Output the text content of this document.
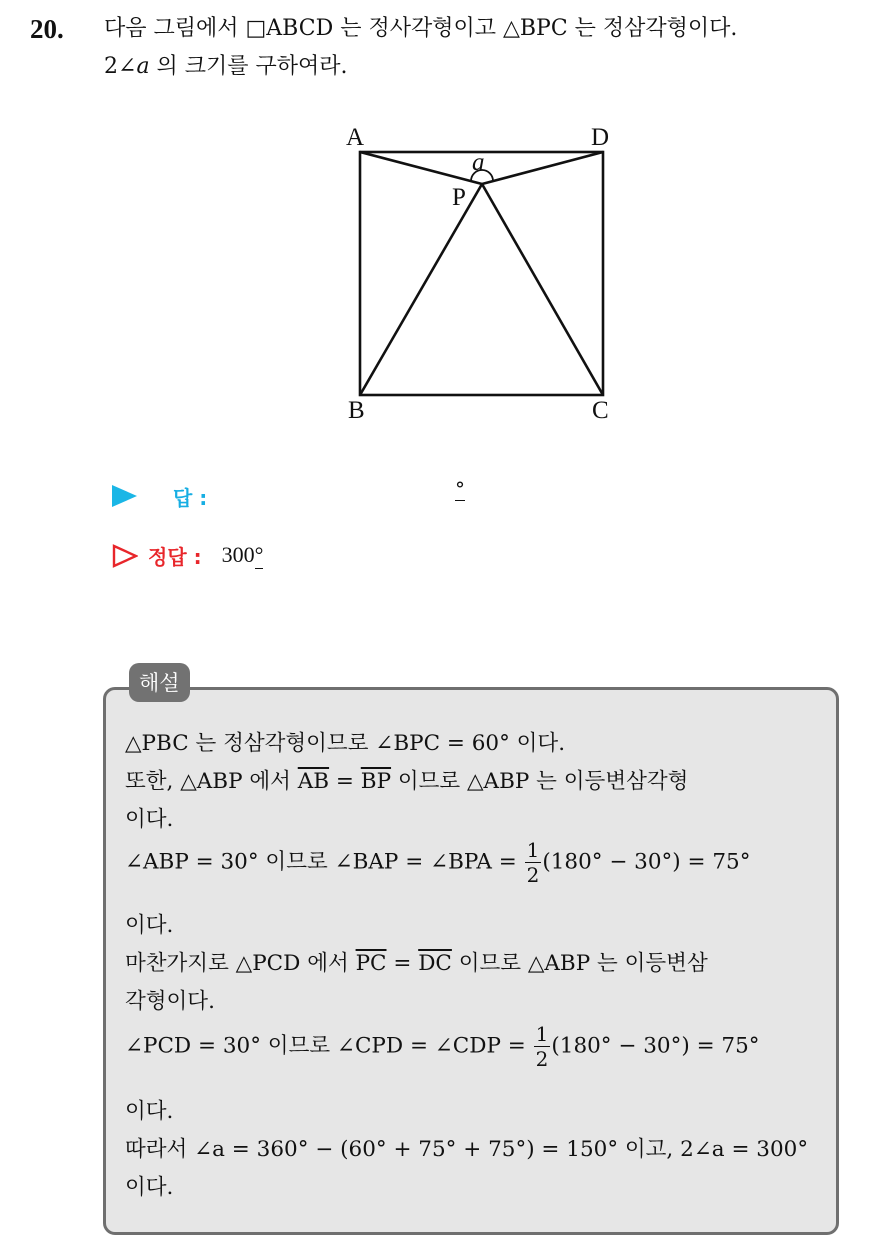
20. 다음 그림에서 □ABCD 는 정사각형이고 △BPC 는 정삼각형이다.
2∠a 의 크기를 구하여라.
A	D
B	C
P
a
답 :	°
정답 : 300°
해설
△PBC 는 정삼각형이므로 ∠BPC = 60° 이다.
또한, △ABP 에서 $\overline{AB} = \overline{BP}$ 이므로 △ABP 는 이등변삼각형
이다.
∠ABP = 30° 이므로 ∠BAP = ∠BPA = $\frac{1}{2} (180^\circ - 30^\circ) = 75^\circ$
이다.
마찬가지로 △PCD 에서 $\overline{PC} = \overline{DC}$ 이므로 △ABP 는 이등변삼
각형이다.
∠PCD = 30° 이므로 ∠CPD = ∠CDP = $\frac{1}{2} (180^\circ - 30^\circ) = 75^\circ$
이다.
따라서 ∠a = 360° − (60° + 75° + 75°) = 150° 이고, 2∠a = 300°
이다.
